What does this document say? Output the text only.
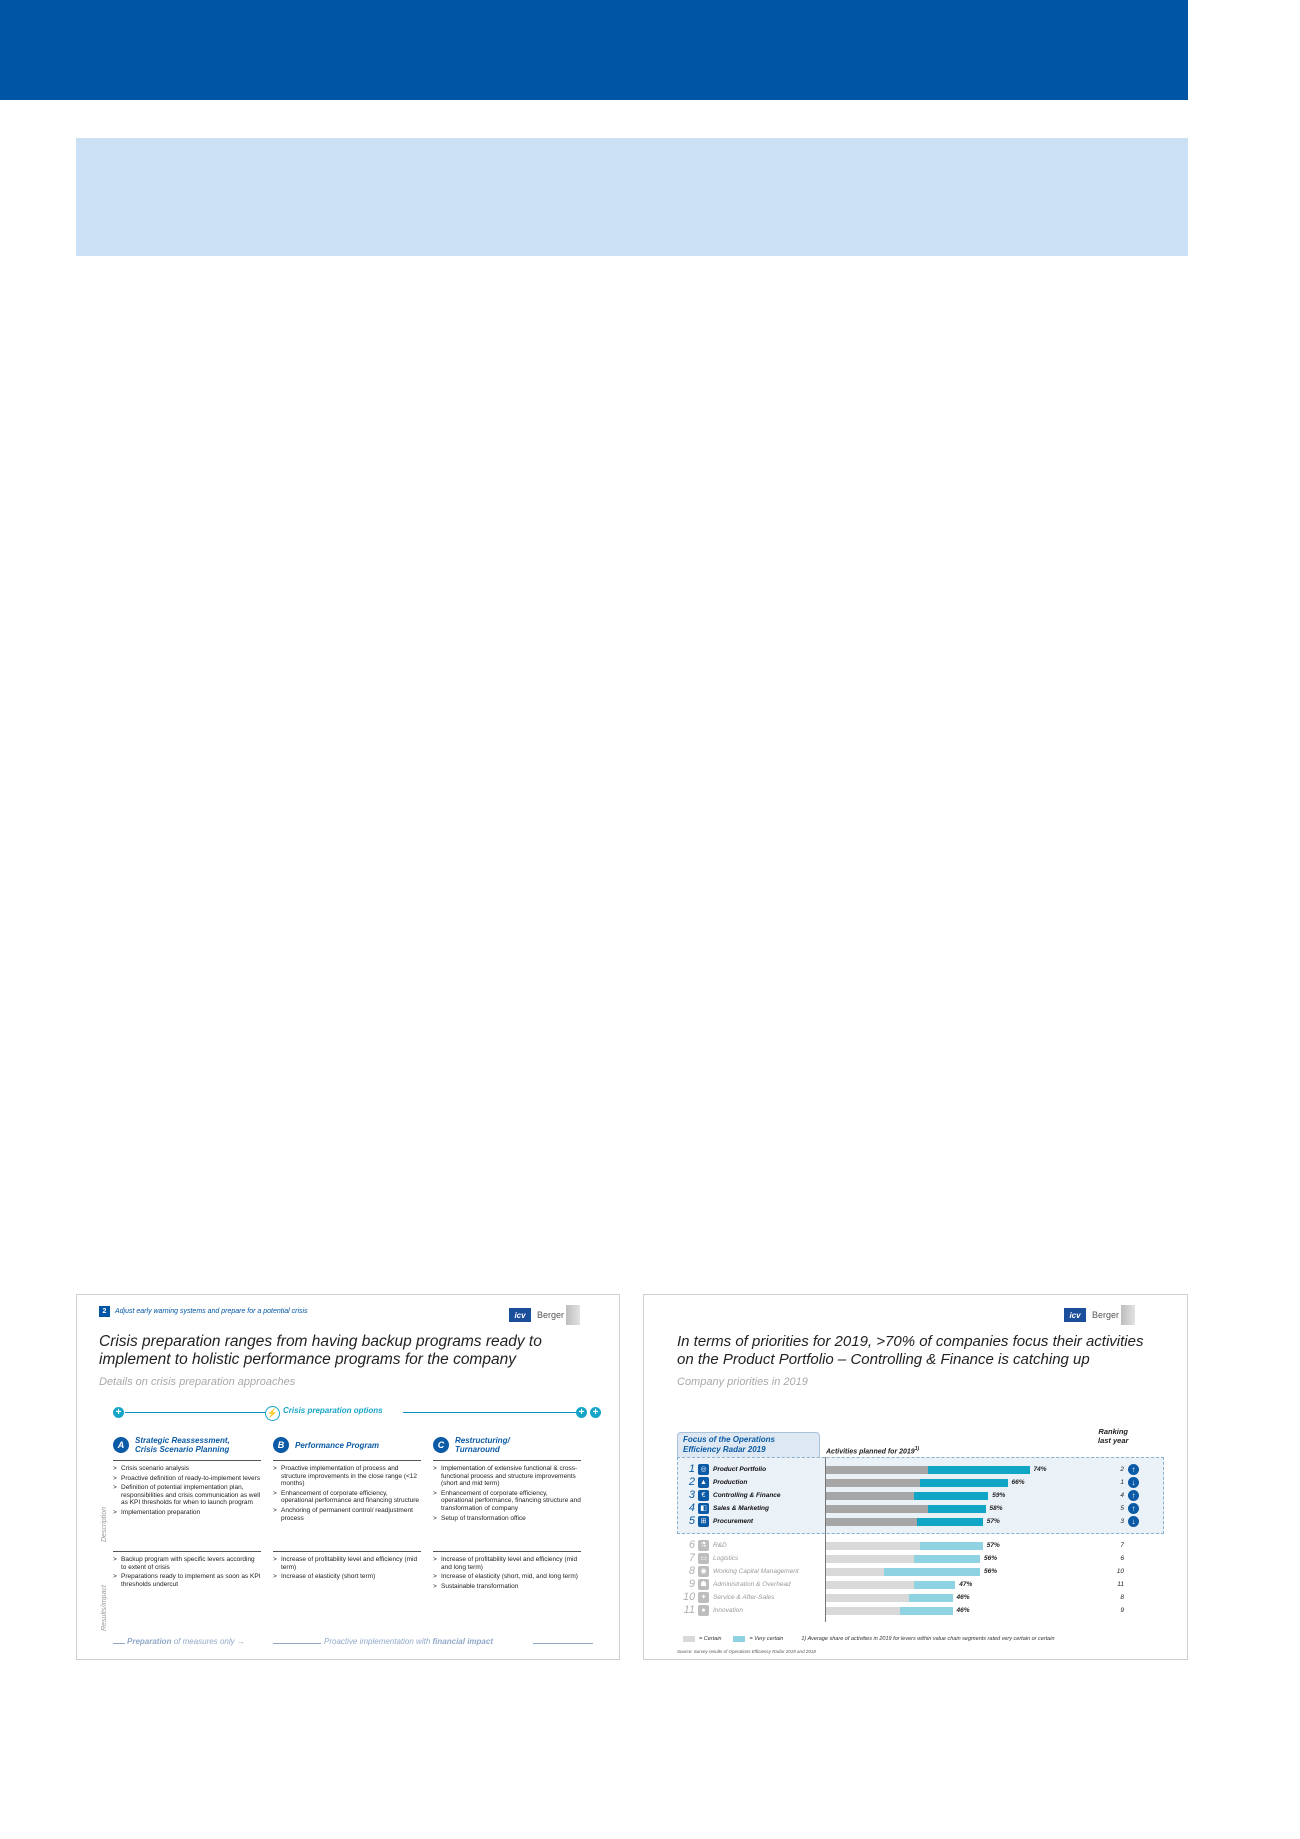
2	Adjust early warning systems and prepare for a potential crisis	icv	Berger
Crisis preparation ranges from having backup programs ready to
implement to holistic performance programs for the company
Details on crisis preparation approaches
+	⚡ Crisis preparation options	+ +
Description
Results/impact
A	Strategic Reassessment,
Crisis Scenario Planning
> Crisis scenario analysis
> Proactive definition of ready-to-implement levers
> Definition of potential implementation plan, responsibilities and crisis communication as well as KPI thresholds for when to launch program
> Implementation preparation
> Backup program with specific levers according to extent of crisis
> Preparations ready to implement as soon as KPI thresholds undercut
B	Performance Program
> Proactive implementation of process and structure improvements in the close range (<12 months)
> Enhancement of corporate efficiency, operational performance and financing structure
> Anchoring of permanent control/ readjustment process
> Increase of profitability level and efficiency (mid term)
> Increase of elasticity (short term)
C	Restructuring/
Turnaround
> Implementation of extensive functional & cross-functional process and structure improvements (short and mid term)
> Enhancement of corporate efficiency, operational performance, financing structure and transformation of company
> Setup of transformation office
> Increase of profitability level and efficiency (mid and long term)
> Increase of elasticity (short, mid, and long term)
> Sustainable transformation
Preparation of measures only →	Proactive implementation with financial impact
icv	Berger
In terms of priorities for 2019, >70% of companies focus their activities
on the Product Portfolio – Controlling & Finance is catching up
Company priorities in 2019
Ranking
last year
Focus of the Operations
Efficiency Radar 2019	Activities planned for 2019$^{1)}$
1 ◎ Product Portfolio	74%	2 ↑
2 ▲ Production	66%	1 ↓
3 €	Controlling & Finance	59%	4 ↑
4 ◧ Sales & Marketing	58%	5 ↑
5 ⊞	Procurement	57%	3 ↓
6 ⚗ R&D	57%	7
7 ▭ Logistics	56%	6
8 ◉ Working Capital Management	56%	10
9 ☗ Administration & Overhead	47%	11
10 ✦	Service & After-Sales	46%	8
11 ●	Innovation	46%	9
= Certain	= Very certain	1) Average share of activities in 2019 for levers within value chain segments rated very certain or certain
Source: Survey results of Operations Efficiency Radar 2019 and 2018
